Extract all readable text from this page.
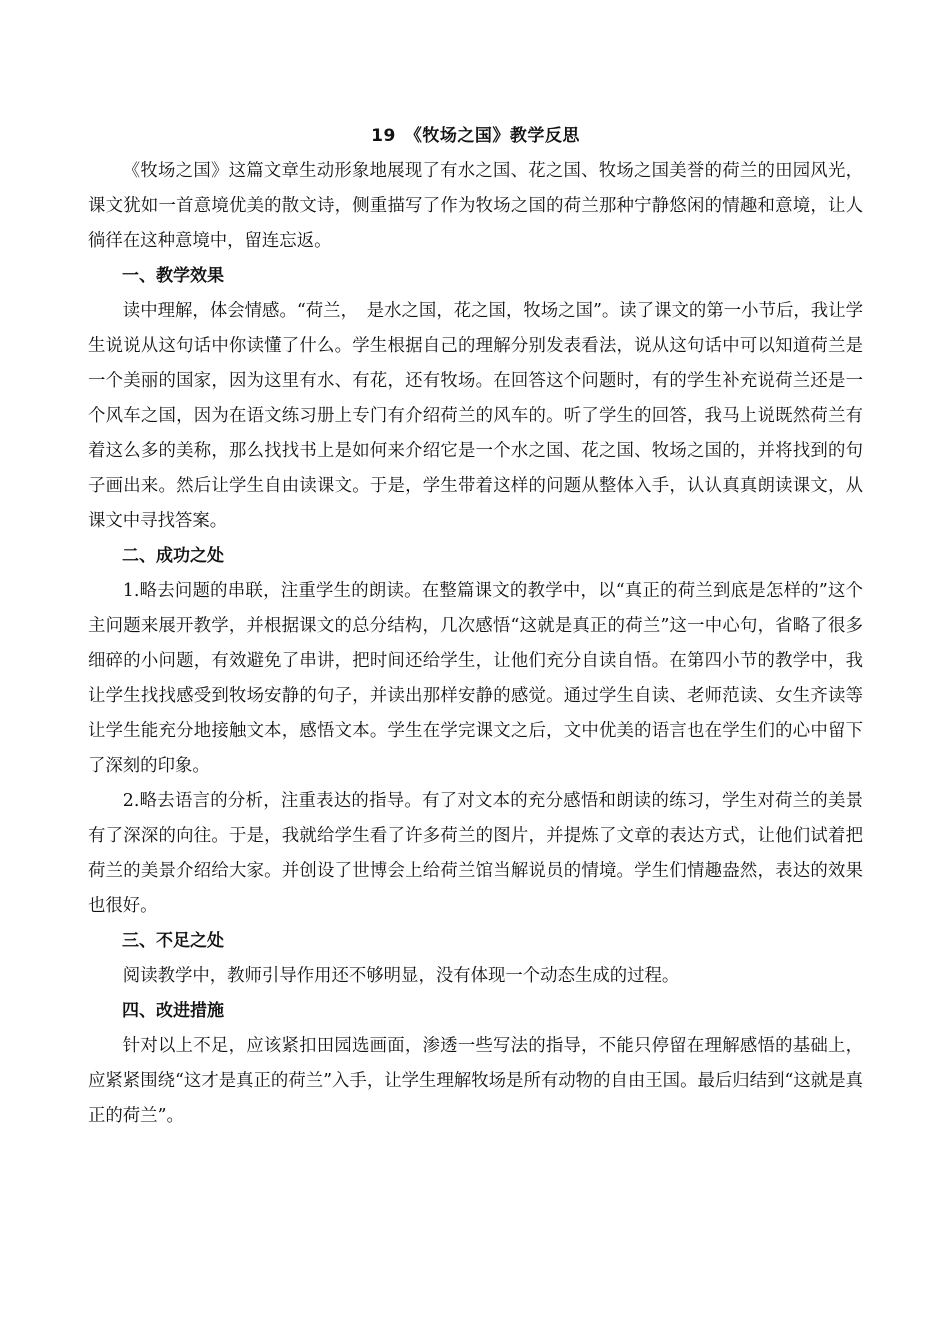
19　《牧场之国》教学反思

《牧场之国》这篇文章生动形象地展现了有水之国、花之国、牧场之国美誉的荷兰的田园风光，课文犹如一首意境优美的散文诗，侧重描写了作为牧场之国的荷兰那种宁静悠闲的情趣和意境，让人徜徉在这种意境中，留连忘返。

一、教学效果

读中理解，体会情感。“荷兰，　是水之国，花之国，牧场之国”。读了课文的第一小节后，我让学生说说从这句话中你读懂了什么。学生根据自己的理解分别发表看法，说从这句话中可以知道荷兰是一个美丽的国家，因为这里有水、有花，还有牧场。在回答这个问题时，有的学生补充说荷兰还是一个风车之国，因为在语文练习册上专门有介绍荷兰的风车的。听了学生的回答，我马上说既然荷兰有着这么多的美称，那么找找书上是如何来介绍它是一个水之国、花之国、牧场之国的，并将找到的句子画出来。然后让学生自由读课文。于是，学生带着这样的问题从整体入手，认认真真朗读课文，从课文中寻找答案。

二、成功之处

1.略去问题的串联，注重学生的朗读。在整篇课文的教学中，以“真正的荷兰到底是怎样的”这个主问题来展开教学，并根据课文的总分结构，几次感悟“这就是真正的荷兰”这一中心句，省略了很多细碎的小问题，有效避免了串讲，把时间还给学生，让他们充分自读自悟。在第四小节的教学中，我让学生找找感受到牧场安静的句子，并读出那样安静的感觉。通过学生自读、老师范读、女生齐读等让学生能充分地接触文本，感悟文本。学生在学完课文之后，文中优美的语言也在学生们的心中留下了深刻的印象。

2.略去语言的分析，注重表达的指导。有了对文本的充分感悟和朗读的练习，学生对荷兰的美景有了深深的向往。于是，我就给学生看了许多荷兰的图片，并提炼了文章的表达方式，让他们试着把荷兰的美景介绍给大家。并创设了世博会上给荷兰馆当解说员的情境。学生们情趣盎然，表达的效果也很好。

三、不足之处

阅读教学中，教师引导作用还不够明显，没有体现一个动态生成的过程。

四、改进措施

针对以上不足，应该紧扣田园选画面，渗透一些写法的指导，不能只停留在理解感悟的基础上，应紧紧围绕“这才是真正的荷兰”入手，让学生理解牧场是所有动物的自由王国。最后归结到“这就是真正的荷兰”。
